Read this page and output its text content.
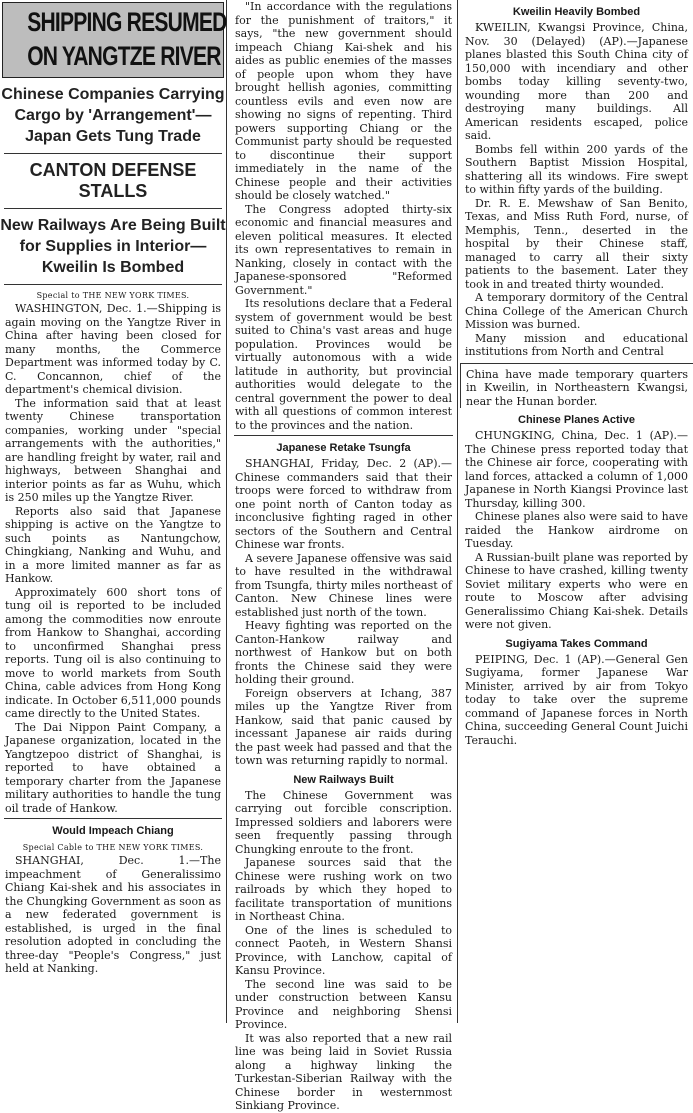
SHIPPING RESUMED
ON YANGTZE RIVER
Chinese Companies Carrying
Cargo by 'Arrangement'—
Japan Gets Tung Trade
CANTON DEFENSE STALLS
New Railways Are Being Built
for Supplies in Interior—
Kweilin Is Bombed
Special to THE NEW YORK TIMES.

WASHINGTON, Dec. 1.—Shipping is again moving on the Yangtze River in China after having been closed for many months, the Commerce Department was informed today by C. C. Concannon, chief of the department's chemical division.

The information said that at least twenty Chinese transportation companies, working under "special arrangements with the authorities," are handling freight by water, rail and highways, between Shanghai and interior points as far as Wuhu, which is 250 miles up the Yangtze River.

Reports also said that Japanese shipping is active on the Yangtze to such points as Nantungchow, Chingkiang, Nanking and Wuhu, and in a more limited manner as far as Hankow.

Approximately 600 short tons of tung oil is reported to be included among the commodities now enroute from Hankow to Shanghai, according to unconfirmed Shanghai press reports. Tung oil is also continuing to move to world markets from South China, cable advices from Hong Kong indicate. In October 6,511,000 pounds came directly to the United States.

The Dai Nippon Paint Company, a Japanese organization, located in the Yangtzepoo district of Shanghai, is reported to have obtained a temporary charter from the Japanese military authorities to handle the tung oil trade of Hankow.

Would Impeach Chiang
Special Cable to THE NEW YORK TIMES.

SHANGHAI, Dec. 1.—The impeachment of Generalissimo Chiang Kai-shek and his associates in the Chungking Government as soon as a new federated government is established, is urged in the final resolution adopted in concluding the three-day "People's Congress," just held at Nanking.

"In accordance with the regulations for the punishment of traitors," it says, "the new government should impeach Chiang Kai-shek and his aides as public enemies of the masses of people upon whom they have brought hellish agonies, committing countless evils and even now are showing no signs of repenting. Third powers supporting Chiang or the Communist party should be requested to discontinue their support immediately in the name of the Chinese people and their activities should be closely watched."

The Congress adopted thirty-six economic and financial measures and eleven political measures. It elected its own representatives to remain in Nanking, closely in contact with the Japanese-sponsored "Reformed Government."

Its resolutions declare that a Federal system of government would be best suited to China's vast areas and huge population. Provinces would be virtually autonomous with a wide latitude in authority, but provincial authorities would delegate to the central government the power to deal with all questions of common interest to the provinces and the nation.

Japanese Retake Tsungfa

SHANGHAI, Friday, Dec. 2 (AP).—Chinese commanders said that their troops were forced to withdraw from one point north of Canton today as inconclusive fighting raged in other sectors of the Southern and Central Chinese war fronts.

A severe Japanese offensive was said to have resulted in the withdrawal from Tsungfa, thirty miles northeast of Canton. New Chinese lines were established just north of the town.

Heavy fighting was reported on the Canton-Hankow railway and northwest of Hankow but on both fronts the Chinese said they were holding their ground.

Foreign observers at Ichang, 387 miles up the Yangtze River from Hankow, said that panic caused by incessant Japanese air raids during the past week had passed and that the town was returning rapidly to normal.

New Railways Built

The Chinese Government was carrying out forcible conscription. Impressed soldiers and laborers were seen frequently passing through Chungking enroute to the front.

Japanese sources said that the Chinese were rushing work on two railroads by which they hoped to facilitate transportation of munitions in Northeast China.

One of the lines is scheduled to connect Paoteh, in Western Shansi Province, with Lanchow, capital of Kansu Province.

The second line was said to be under construction between Kansu Province and neighboring Shensi Province.

It was also reported that a new rail line was being laid in Soviet Russia along a highway linking the Turkestan-Siberian Railway with the Chinese border in westernmost Sinkiang Province.

Kweilin Heavily Bombed

KWEILIN, Kwangsi Province, China, Nov. 30 (Delayed) (AP).—Japanese planes blasted this South China city of 150,000 with incendiary and other bombs today killing seventy-two, wounding more than 200 and destroying many buildings. All American residents escaped, police said.

Bombs fell within 200 yards of the Southern Baptist Mission Hospital, shattering all its windows. Fire swept to within fifty yards of the building.

Dr. R. E. Mewshaw of San Benito, Texas, and Miss Ruth Ford, nurse, of Memphis, Tenn., deserted in the hospital by their Chinese staff, managed to carry all their sixty patients to the basement. Later they took in and treated thirty wounded.

A temporary dormitory of the Central China College of the American Church Mission was burned.

Many mission and educational institutions from North and Central

China have made temporary quarters in Kweilin, in Northeastern Kwangsi, near the Hunan border.

Chinese Planes Active

CHUNGKING, China, Dec. 1 (AP).—The Chinese press reported today that the Chinese air force, cooperating with land forces, attacked a column of 1,000 Japanese in North Kiangsi Province last Thursday, killing 300.

Chinese planes also were said to have raided the Hankow airdrome on Tuesday.

A Russian-built plane was reported by Chinese to have crashed, killing twenty Soviet military experts who were en route to Moscow after advising Generalissimo Chiang Kai-shek. Details were not given.

Sugiyama Takes Command

PEIPING, Dec. 1 (AP).—General Gen Sugiyama, former Japanese War Minister, arrived by air from Tokyo today to take over the supreme command of Japanese forces in North China, succeeding General Count Juichi Terauchi.
